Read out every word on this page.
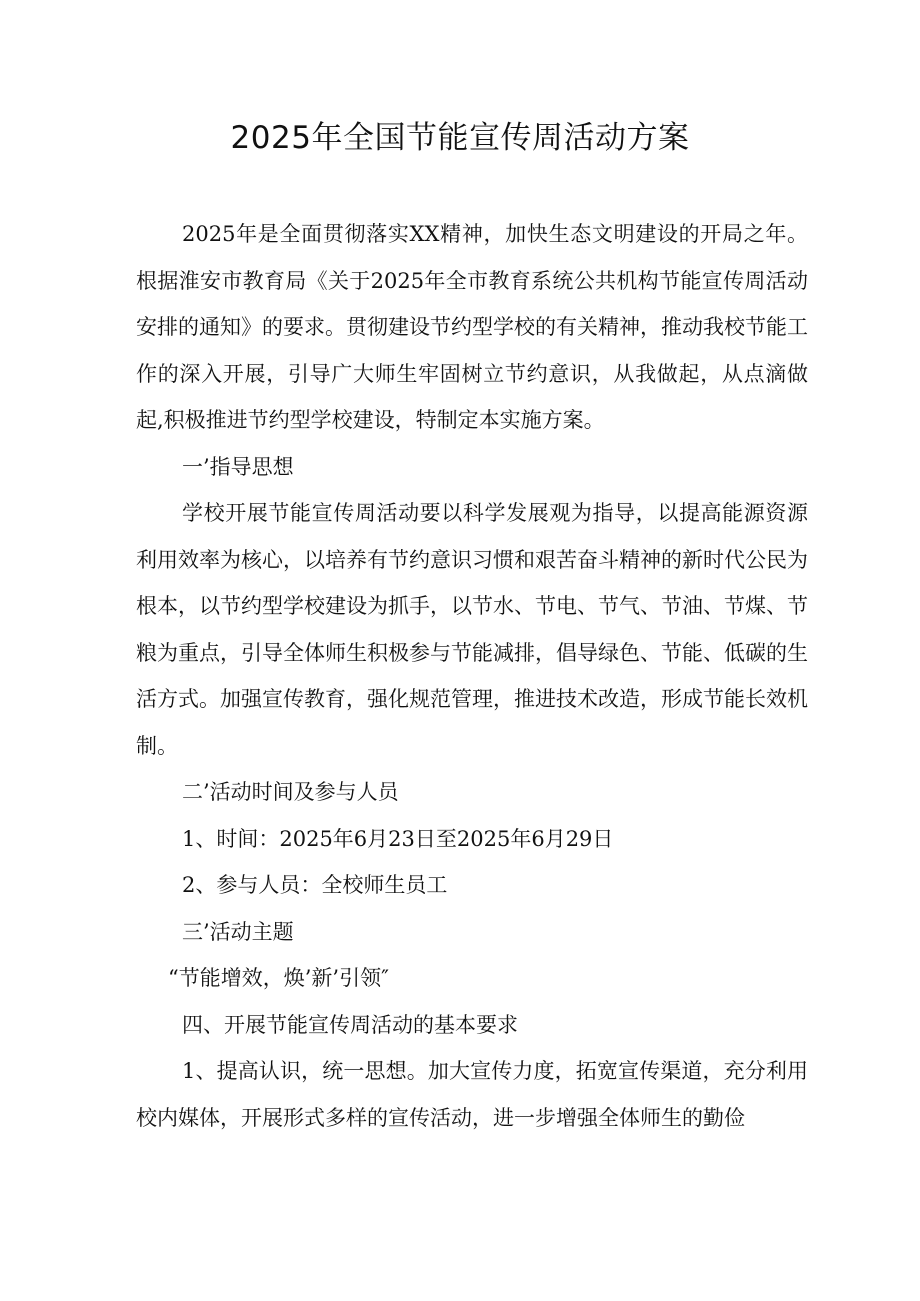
2025年全国节能宣传周活动方案

2025年是全面贯彻落实XX精神，加快生态文明建设的开局之年。根据淮安市教育局《关于2025年全市教育系统公共机构节能宣传周活动安排的通知》的要求。贯彻建设节约型学校的有关精神，推动我校节能工作的深入开展，引导广大师生牢固树立节约意识，从我做起，从点滴做起,积极推进节约型学校建设，特制定本实施方案。

一’指导思想

学校开展节能宣传周活动要以科学发展观为指导，以提高能源资源利用效率为核心，以培养有节约意识习惯和艰苦奋斗精神的新时代公民为根本，以节约型学校建设为抓手，以节水、节电、节气、节油、节煤、节粮为重点，引导全体师生积极参与节能减排，倡导绿色、节能、低碳的生活方式。加强宣传教育，强化规范管理，推进技术改造，形成节能长效机制。

二’活动时间及参与人员

1、时间：2025年6月23日至2025年6月29日

2、参与人员：全校师生员工

三’活动主题

“节能增效，焕’新’引领″

四、开展节能宣传周活动的基本要求

1、提高认识，统一思想。加大宣传力度，拓宽宣传渠道，充分利用校内媒体，开展形式多样的宣传活动，进一步增强全体师生的勤俭
